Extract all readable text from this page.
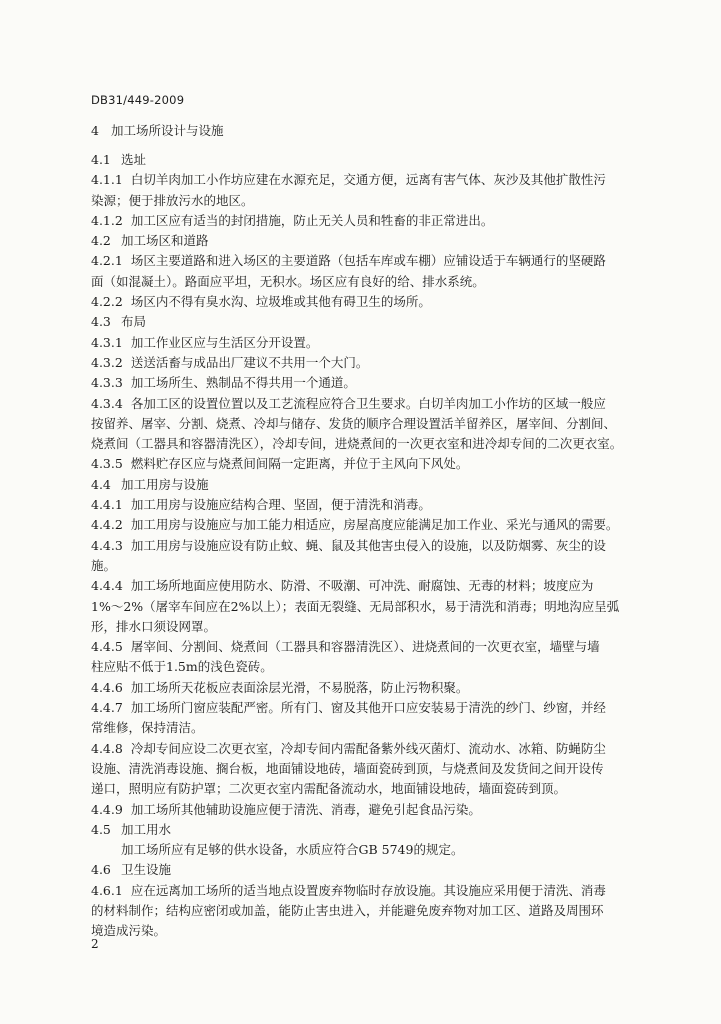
DB31/449-2009
4 加工场所设计与设施
4.1 选址
4.1.1 白切羊肉加工小作坊应建在水源充足，交通方便，远离有害气体、灰沙及其他扩散性污
染源；便于排放污水的地区。
4.1.2 加工区应有适当的封闭措施，防止无关人员和牲畜的非正常进出。
4.2 加工场区和道路
4.2.1 场区主要道路和进入场区的主要道路（包括车库或车棚）应铺设适于车辆通行的坚硬路
面（如混凝土）。路面应平坦，无积水。场区应有良好的给、排水系统。
4.2.2 场区内不得有臭水沟、垃圾堆或其他有碍卫生的场所。
4.3 布局
4.3.1 加工作业区应与生活区分开设置。
4.3.2 送送活畜与成品出厂建议不共用一个大门。
4.3.3 加工场所生、熟制品不得共用一个通道。
4.3.4 各加工区的设置位置以及工艺流程应符合卫生要求。白切羊肉加工小作坊的区域一般应
按留养、屠宰、分割、烧煮、冷却与储存、发货的顺序合理设置活羊留养区，屠宰间、分割间、
烧煮间（工器具和容器清洗区），冷却专间，进烧煮间的一次更衣室和进冷却专间的二次更衣室。
4.3.5 燃料贮存区应与烧煮间间隔一定距离，并位于主风向下风处。
4.4 加工用房与设施
4.4.1 加工用房与设施应结构合理、坚固，便于清洗和消毒。
4.4.2 加工用房与设施应与加工能力相适应，房屋高度应能满足加工作业、采光与通风的需要。
4.4.3 加工用房与设施应设有防止蚊、蝇、鼠及其他害虫侵入的设施，以及防烟雾、灰尘的设
施。
4.4.4 加工场所地面应使用防水、防滑、不吸潮、可冲洗、耐腐蚀、无毒的材料；坡度应为
1%～2%（屠宰车间应在2%以上）；表面无裂缝、无局部积水，易于清洗和消毒；明地沟应呈弧
形，排水口须设网罩。
4.4.5 屠宰间、分割间、烧煮间（工器具和容器清洗区）、进烧煮间的一次更衣室，墙壁与墙
柱应贴不低于1.5m的浅色瓷砖。
4.4.6 加工场所天花板应表面涂层光滑，不易脱落，防止污物积聚。
4.4.7 加工场所门窗应装配严密。所有门、窗及其他开口应安装易于清洗的纱门、纱窗，并经
常维修，保持清洁。
4.4.8 冷却专间应设二次更衣室，冷却专间内需配备紫外线灭菌灯、流动水、冰箱、防蝇防尘
设施、清洗消毒设施、搁台板，地面铺设地砖，墙面瓷砖到顶，与烧煮间及发货间之间开设传
递口，照明应有防护罩；二次更衣室内需配备流动水，地面铺设地砖，墙面瓷砖到顶。
4.4.9 加工场所其他辅助设施应便于清洗、消毒，避免引起食品污染。
4.5 加工用水
加工场所应有足够的供水设备，水质应符合GB 5749的规定。
4.6 卫生设施
4.6.1 应在远离加工场所的适当地点设置废弃物临时存放设施。其设施应采用便于清洗、消毒
的材料制作；结构应密闭或加盖，能防止害虫进入，并能避免废弃物对加工区、道路及周围环
境造成污染。
2
